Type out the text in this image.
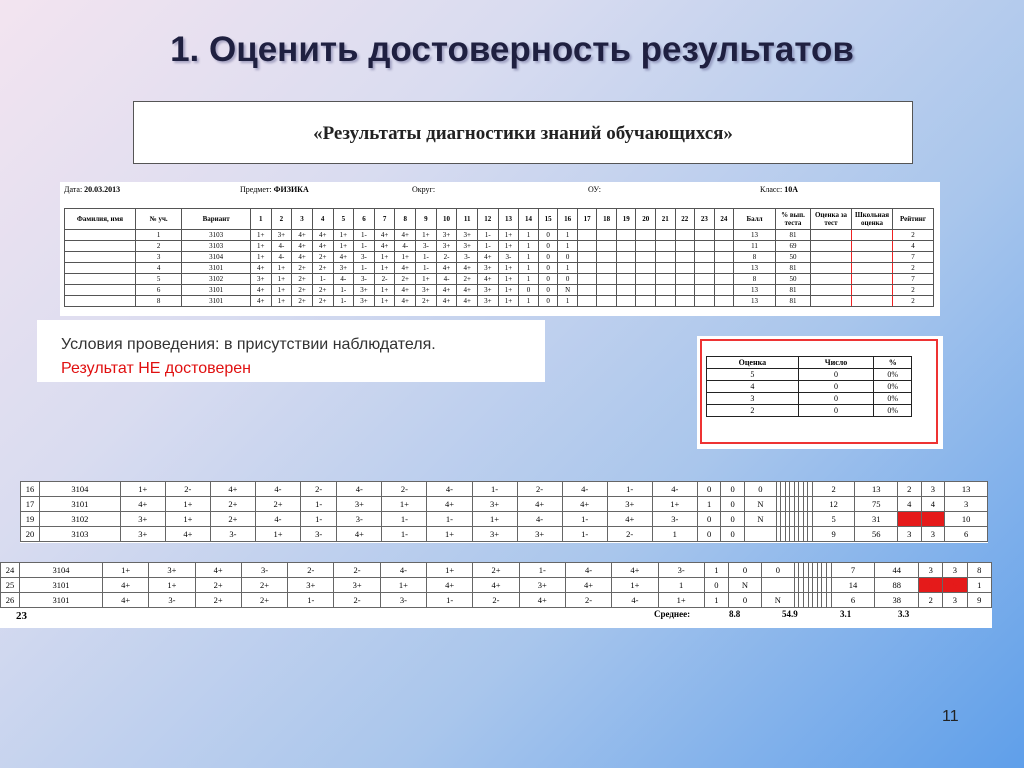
1. Оценить достоверность результатов
«Результаты диагностики знаний обучающихся»
Дата: 20.03.2013	Предмет: ФИЗИКА	Округ:	ОУ:	Класс: 10А
Фамилия, имя	№ уч.	Вариант	1	2	3	4	5	6	7	8	9	10	11	12	13	14	15	16	17	18	19	20	21	22	23	24	Балл	% вып. теста	Оценка за тест	Школьная оценка	Рейтинг
	1	3103	1+	3+	4+	4+	1+	1-	4+	4+	1+	3+	3+	1-	1+	1	0	1									13	81			2
	2	3103	1+	4-	4+	4+	1+	1-	4+	4-	3-	3+	3+	1-	1+	1	0	1									11	69			4
	3	3104	1+	4-	4+	2+	4+	3-	1+	1+	1-	2-	3-	4+	3-	1	0	0									8	50			7
	4	3101	4+	1+	2+	2+	3+	1-	1+	4+	1-	4+	4+	3+	1+	1	0	1									13	81			2
	5	3102	3+	1+	2+	1-	4-	3-	2-	2+	1+	4-	2+	4+	1+	1	0	0									8	50			7
	6	3101	4+	1+	2+	2+	1-	3+	1+	4+	3+	4+	4+	3+	1+	0	0	N									13	81			2
	8	3101	4+	1+	2+	2+	1-	3+	1+	4+	2+	4+	4+	3+	1+	1	0	1									13	81			2
Условия проведения: в присутствии наблюдателя.
Результат НЕ достоверен	Оценка	Число	%
5	0	0%
4	0	0%
3	0	0%
2	0	0%
16	3104	1+	2-	4+	4-	2-	4-	2-	4-	1-	2-	4-	1-	4-	0	0	0									2	13	2	3	13
17	3101	4+	1+	2+	2+	1-	3+	1+	4+	3+	4+	4+	3+	1+	1	0	N									12	75	4	4	3
19	3102	3+	1+	2+	4-	1-	3-	1-	1-	1+	4-	1-	4+	3-	0	0	N									5	31	3	3	10
20	3103	3+	4+	3-	1+	3-	4+	1-	1+	3+	3+	1-	2-	1	0	0										9	56	3	3	6
24	3104	1+	3+	4+	3-	2-	2-	4-	1+	2+	1-	4-	4+	3-	1	0	0									7	44	3	3	8
25	3101	4+	1+	2+	2+	3+	3+	1+	4+	4+	3+	4+	1+	1	0	N										14	88	5	5	1
26	3101	4+	3-	2+	2+	1-	2-	3-	1-	2-	4+	2-	4-	1+	1	0	N									6	38	2	3	9
23	Среднее:	8.8	54.9	3.1	3.3
11
